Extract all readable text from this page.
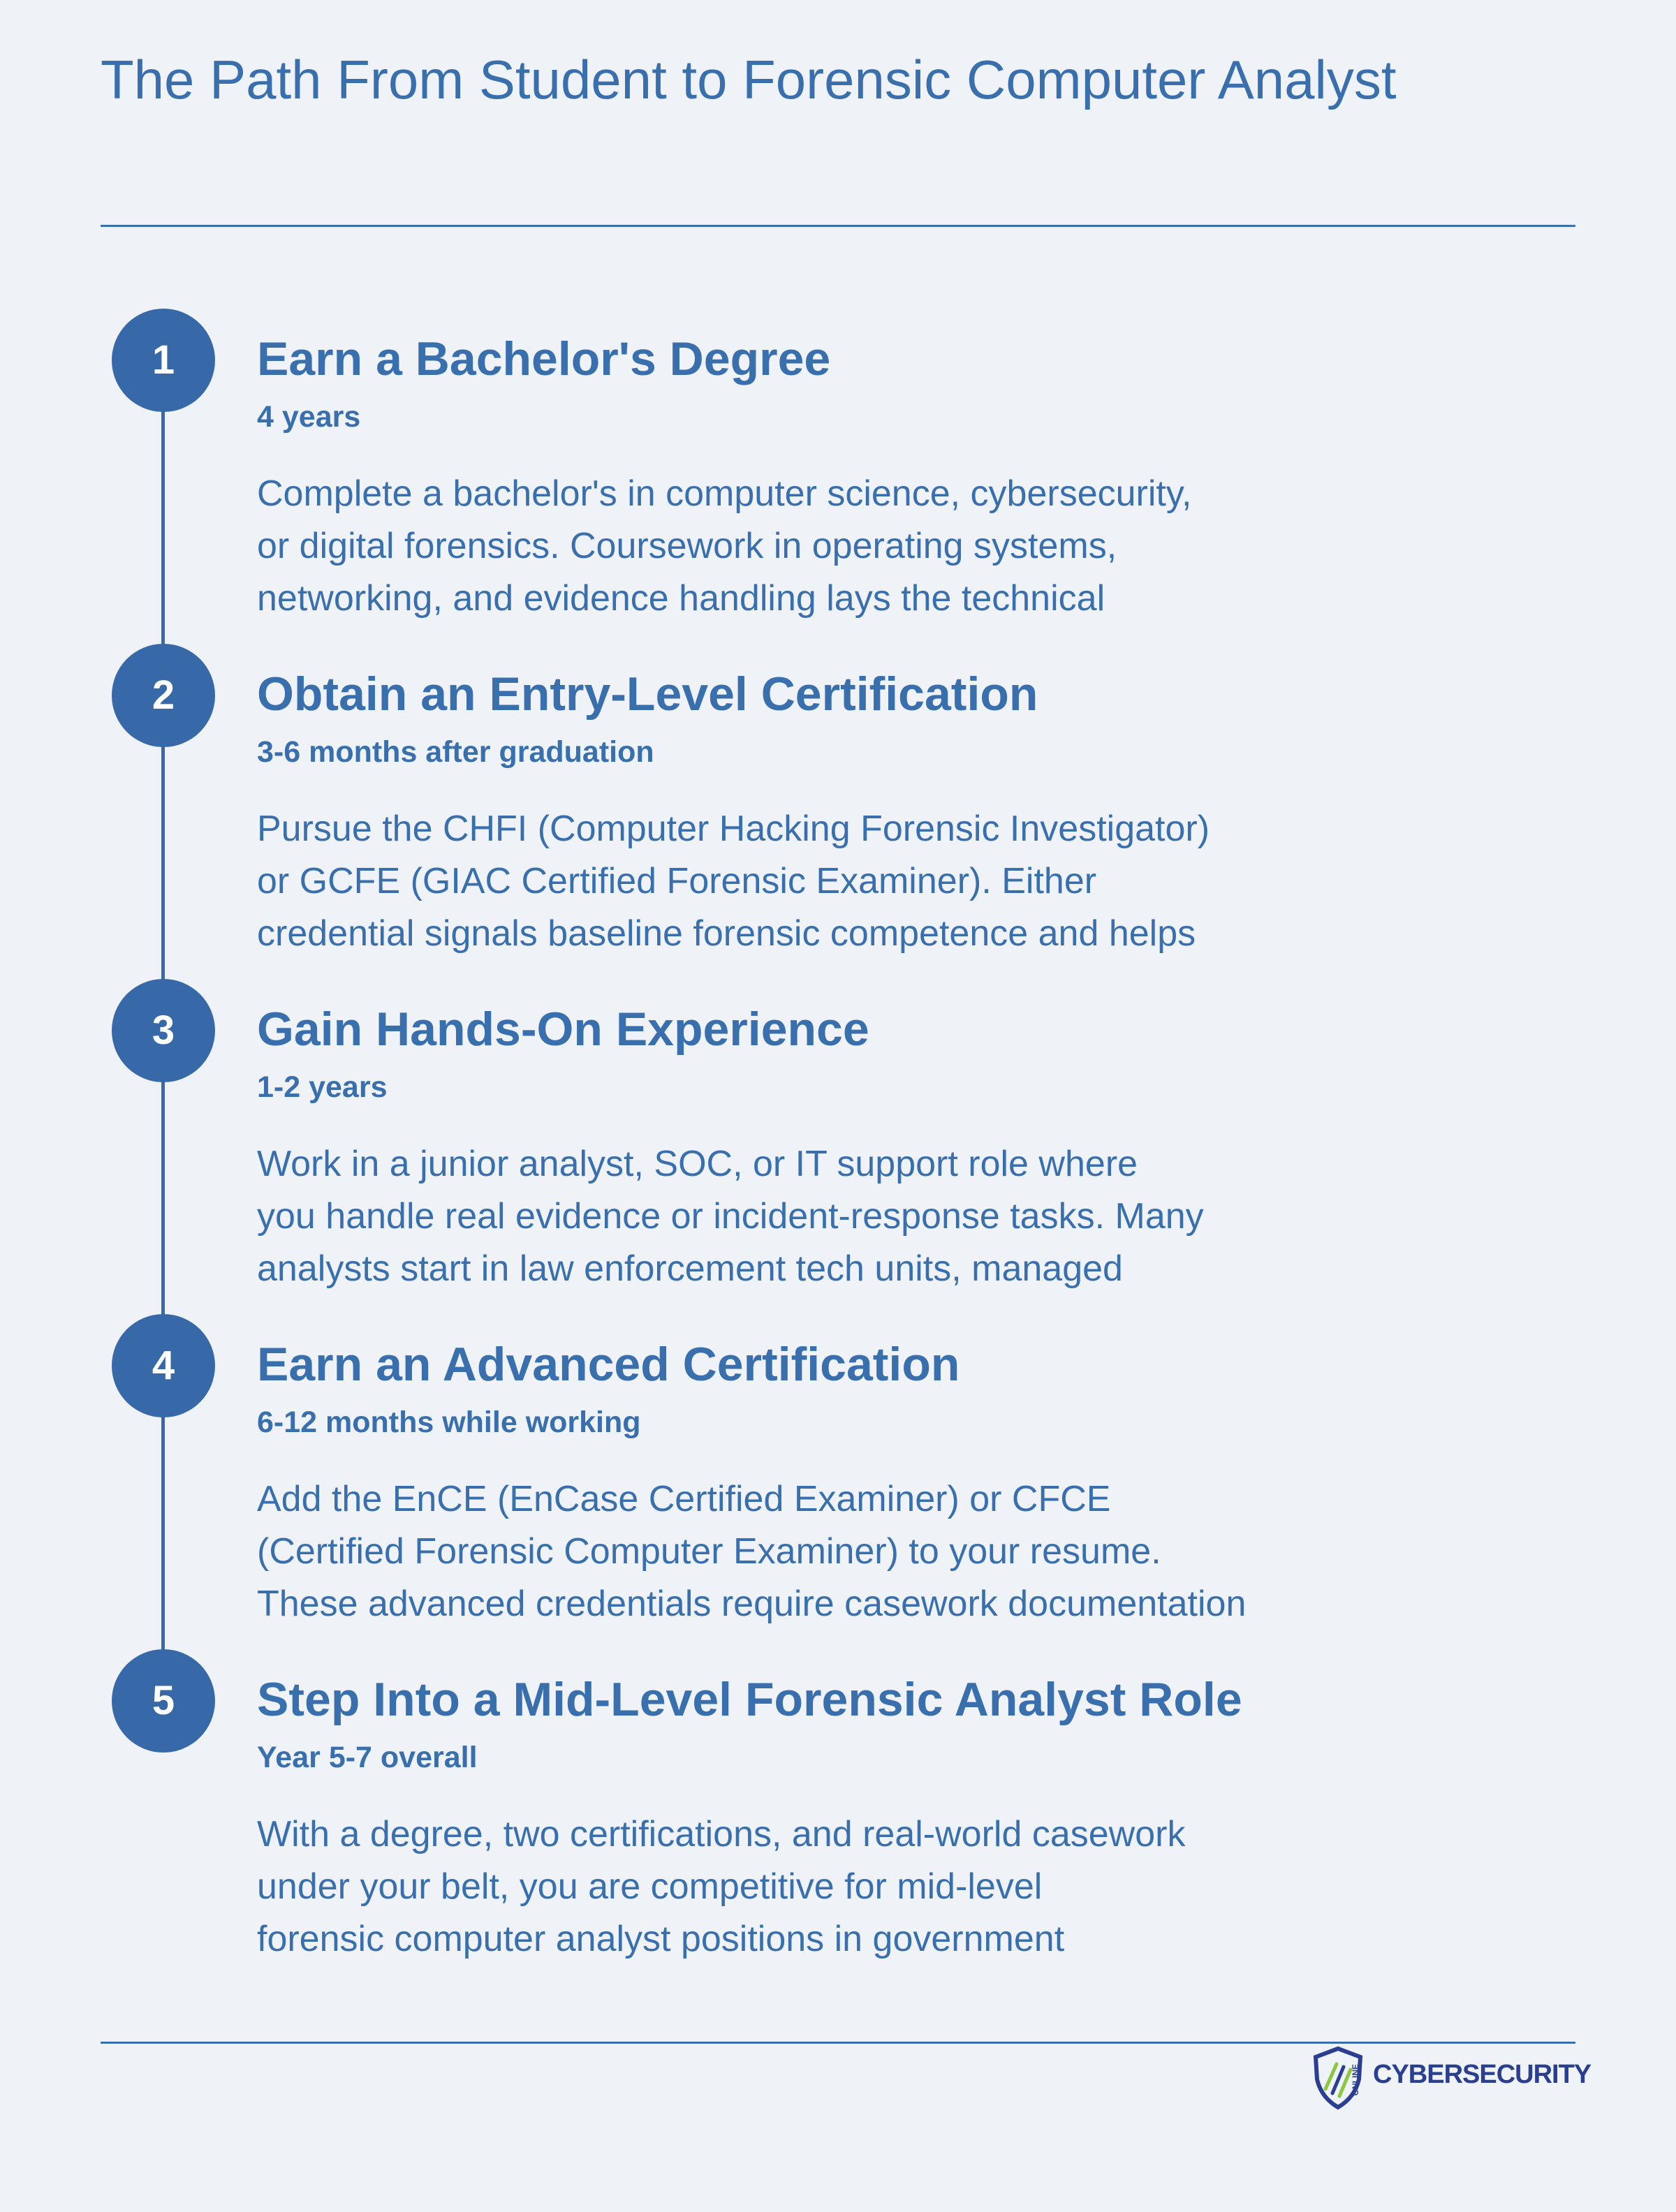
The Path From Student to Forensic Computer Analyst
1	Earn a Bachelor's Degree
4 years

Complete a bachelor's in computer science, cybersecurity,
or digital forensics. Coursework in operating systems,
networking, and evidence handling lays the technical

2	Obtain an Entry-Level Certification
3-6 months after graduation

Pursue the CHFI (Computer Hacking Forensic Investigator)
or GCFE (GIAC Certified Forensic Examiner). Either
credential signals baseline forensic competence and helps

3	Gain Hands-On Experience
1-2 years

Work in a junior analyst, SOC, or IT support role where
you handle real evidence or incident-response tasks. Many
analysts start in law enforcement tech units, managed

4	Earn an Advanced Certification
6-12 months while working

Add the EnCE (EnCase Certified Examiner) or CFCE
(Certified Forensic Computer Examiner) to your resume.
These advanced credentials require casework documentation

5	Step Into a Mid-Level Forensic Analyst Role
Year 5-7 overall

With a degree, two certifications, and real-world casework
under your belt, you are competitive for mid-level
forensic computer analyst positions in government

ONLINE CYBERSECURITY
